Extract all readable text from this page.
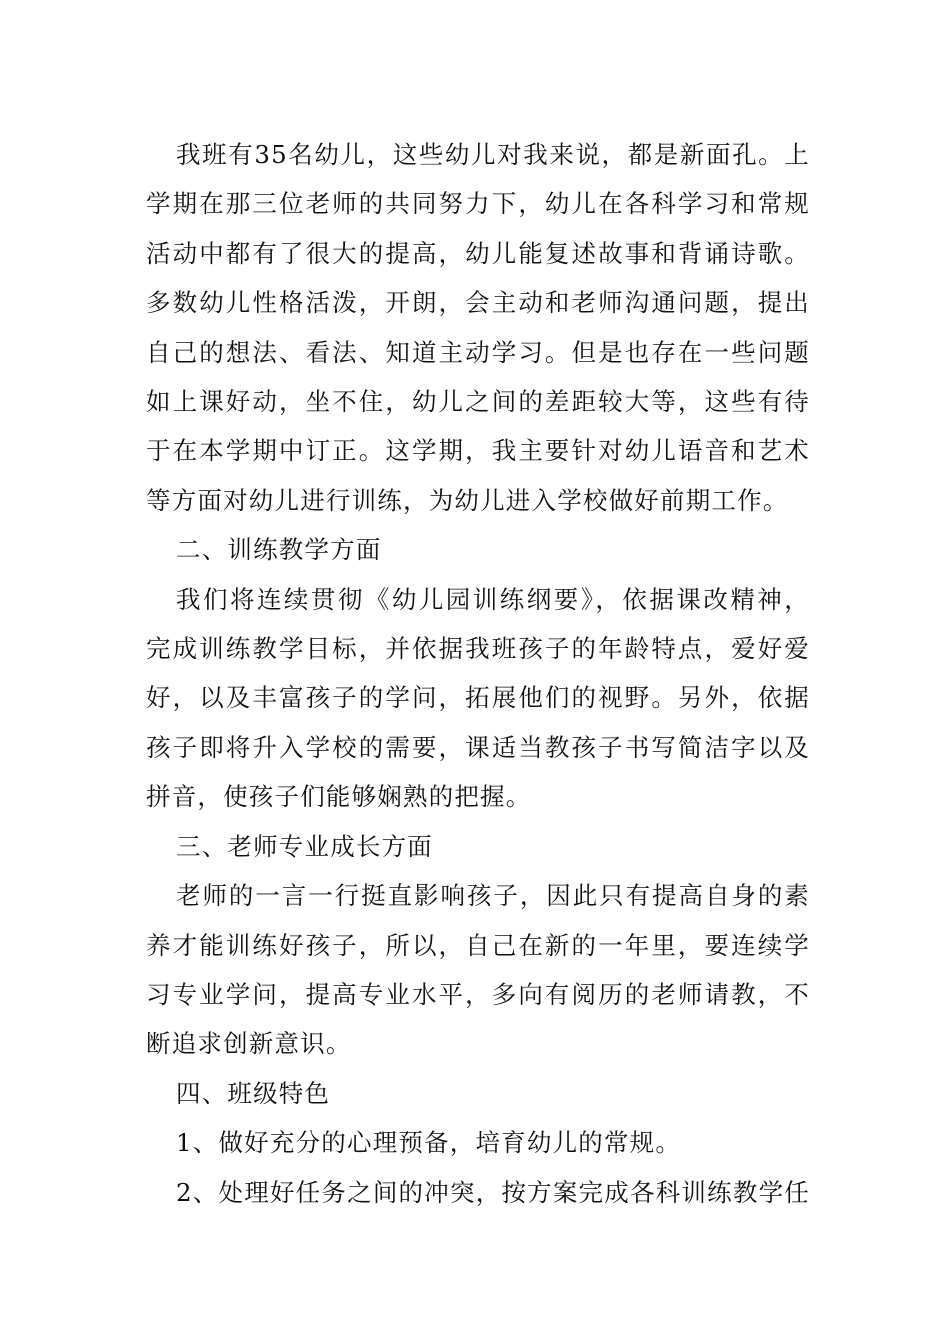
我班有35名幼儿，这些幼儿对我来说，都是新面孔。上
学期在那三位老师的共同努力下，幼儿在各科学习和常规
活动中都有了很大的提高，幼儿能复述故事和背诵诗歌。
多数幼儿性格活泼，开朗，会主动和老师沟通问题，提出
自己的想法、看法、知道主动学习。但是也存在一些问题
如上课好动，坐不住，幼儿之间的差距较大等，这些有待
于在本学期中订正。这学期，我主要针对幼儿语音和艺术
等方面对幼儿进行训练，为幼儿进入学校做好前期工作。

二、训练教学方面

我们将连续贯彻《幼儿园训练纲要》，依据课改精神，
完成训练教学目标，并依据我班孩子的年龄特点，爱好爱
好，以及丰富孩子的学问，拓展他们的视野。另外，依据
孩子即将升入学校的需要，课适当教孩子书写简洁字以及
拼音，使孩子们能够娴熟的把握。

三、老师专业成长方面

老师的一言一行挺直影响孩子，因此只有提高自身的素
养才能训练好孩子，所以，自己在新的一年里，要连续学
习专业学问，提高专业水平，多向有阅历的老师请教，不
断追求创新意识。

四、班级特色

1、做好充分的心理预备，培育幼儿的常规。

2、处理好任务之间的冲突，按方案完成各科训练教学任
